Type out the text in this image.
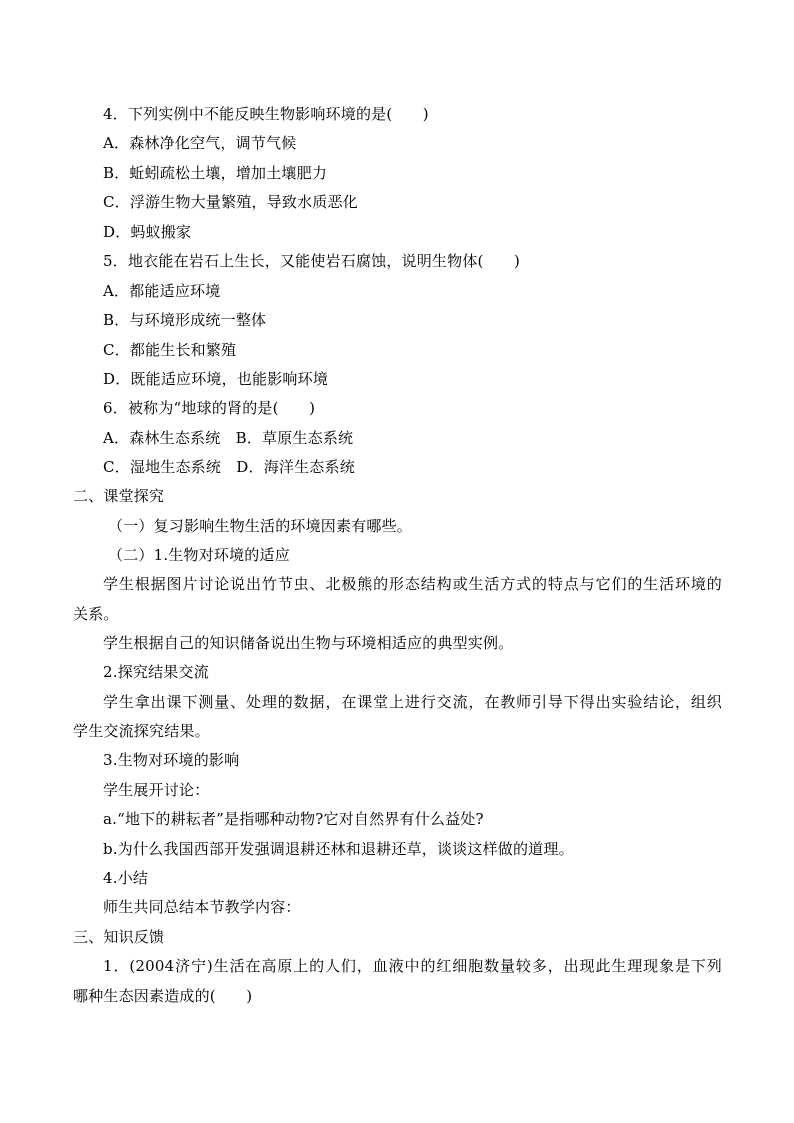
4．下列实例中不能反映生物影响环境的是(　　)
A．森林净化空气，调节气候
B．蚯蚓疏松土壤，增加土壤肥力
C．浮游生物大量繁殖，导致水质恶化
D．蚂蚁搬家
5．地衣能在岩石上生长，又能使岩石腐蚀，说明生物体(　　)
A．都能适应环境
B．与环境形成统一整体
C．都能生长和繁殖
D．既能适应环境，也能影响环境
6．被称为“地球的肾的是(　　)
A．森林生态系统　B．草原生态系统
C．湿地生态系统　D．海洋生态系统
二、课堂探究
（一）复习影响生物生活的环境因素有哪些。
（二）1.生物对环境的适应
学生根据图片讨论说出竹节虫、北极熊的形态结构或生活方式的特点与它们的生活环境的
关系。
学生根据自己的知识储备说出生物与环境相适应的典型实例。
2.探究结果交流
学生拿出课下测量、处理的数据，在课堂上进行交流，在教师引导下得出实验结论，组织
学生交流探究结果。
3.生物对环境的影响
学生展开讨论：
a.“地下的耕耘者”是指哪种动物?它对自然界有什么益处?
b.为什么我国西部开发强调退耕还林和退耕还草，谈谈这样做的道理。
4.小结
师生共同总结本节教学内容：
三、知识反馈
1．(2004济宁)生活在高原上的人们，血液中的红细胞数量较多，出现此生理现象是下列
哪种生态因素造成的(　　)
